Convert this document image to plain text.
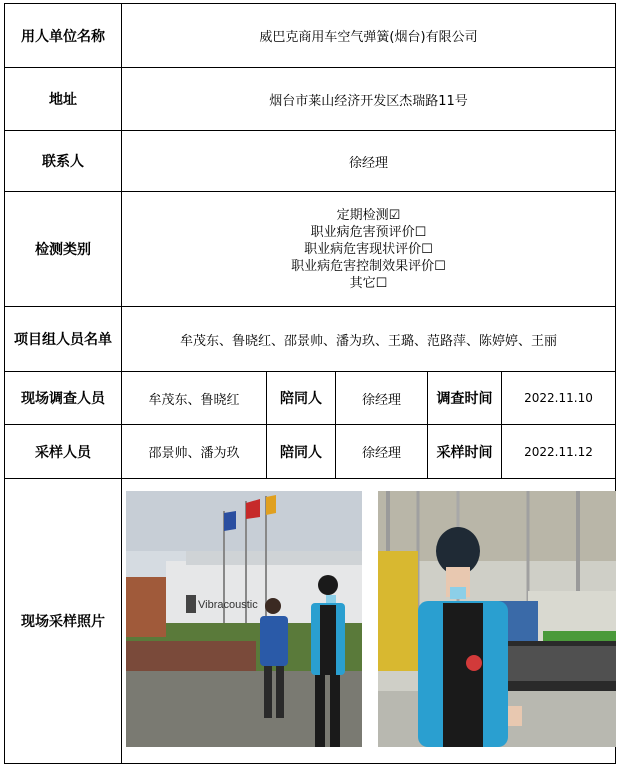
用人单位名称	威巴克商用车空气弹簧(烟台)有限公司				
地址	烟台市莱山经济开发区杰瑞路11号				
联系人	徐经理				
检测类别	定期检测☑
职业病危害预评价☐
职业病危害现状评价☐
职业病危害控制效果评价☐
其它☐				

项目组人员名单	牟茂东、鲁晓红、邵景帅、潘为玖、王璐、范路萍、陈婷婷、王丽				
现场调查人员	牟茂东、鲁晓红	陪同人	徐经理	调查时间	2022.11.10
采样人员	邵景帅、潘为玖	陪同人	徐经理	采样时间	2022.11.12
现场采样照片	Vibracoustic				
